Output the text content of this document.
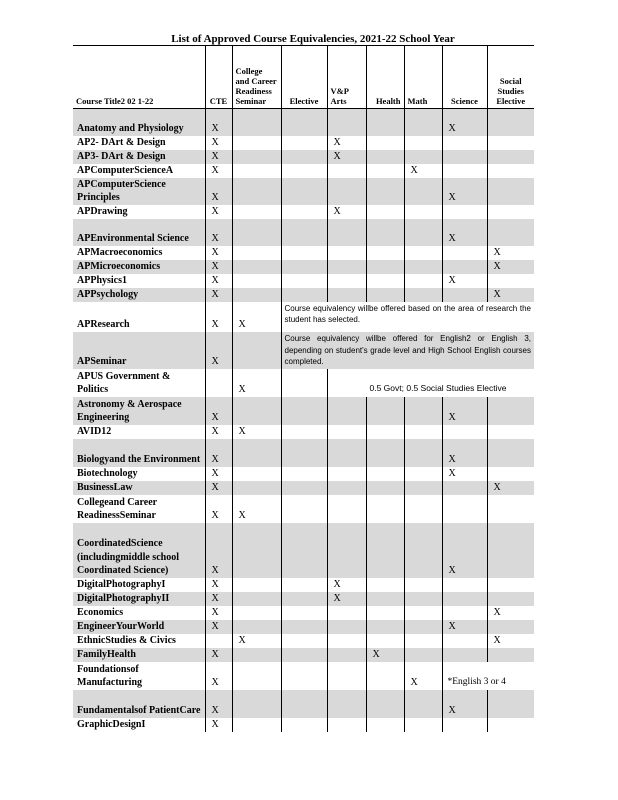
List of Approved Course Equivalencies, 2021-22 School Year
Course Title2 02 1-22	CTE	College and Career Readiness Seminar	Elective	V&P Arts	Health	Math	Science	Social Studies Elective
Anatomy and Physiology	X						X	
AP2- DArt & Design	X			X				
AP3- DArt & Design	X			X				
APComputerScienceA	X					X		
APComputerScience Principles	X						X	
APDrawing	X			X				
APEnvironmental Science	X						X	
APMacroeconomics	X							X
APMicroeconomics	X							X
APPhysics1	X						X	
APPsychology	X							X
APResearch	X	X	Course equivalency willbe offered based on the area of research the student has selected.					
APSeminar	X		Course equivalency willbe offered for English2 or English 3, depending on student's grade level and High School English courses completed.					
APUS Government & Politics		X		0.5 Govt; 0.5 Social Studies Elective				
Astronomy & Aerospace Engineering	X						X	
AVID12	X	X						
Biologyand the Environment	X						X	
Biotechnology	X						X	
BusinessLaw	X							X
Collegeand Career ReadinessSeminar	X	X						
CoordinatedScience (includingmiddle school Coordinated Science)	X						X	
DigitalPhotographyI	X			X				
DigitalPhotographyII	X			X				
Economics	X							X
EngineerYourWorld	X						X	
EthnicStudies & Civics		X						X
FamilyHealth	X				X			
Foundationsof Manufacturing	X					X	*English 3 or 4	
Fundamentalsof PatientCare	X						X	
GraphicDesignI	X							
